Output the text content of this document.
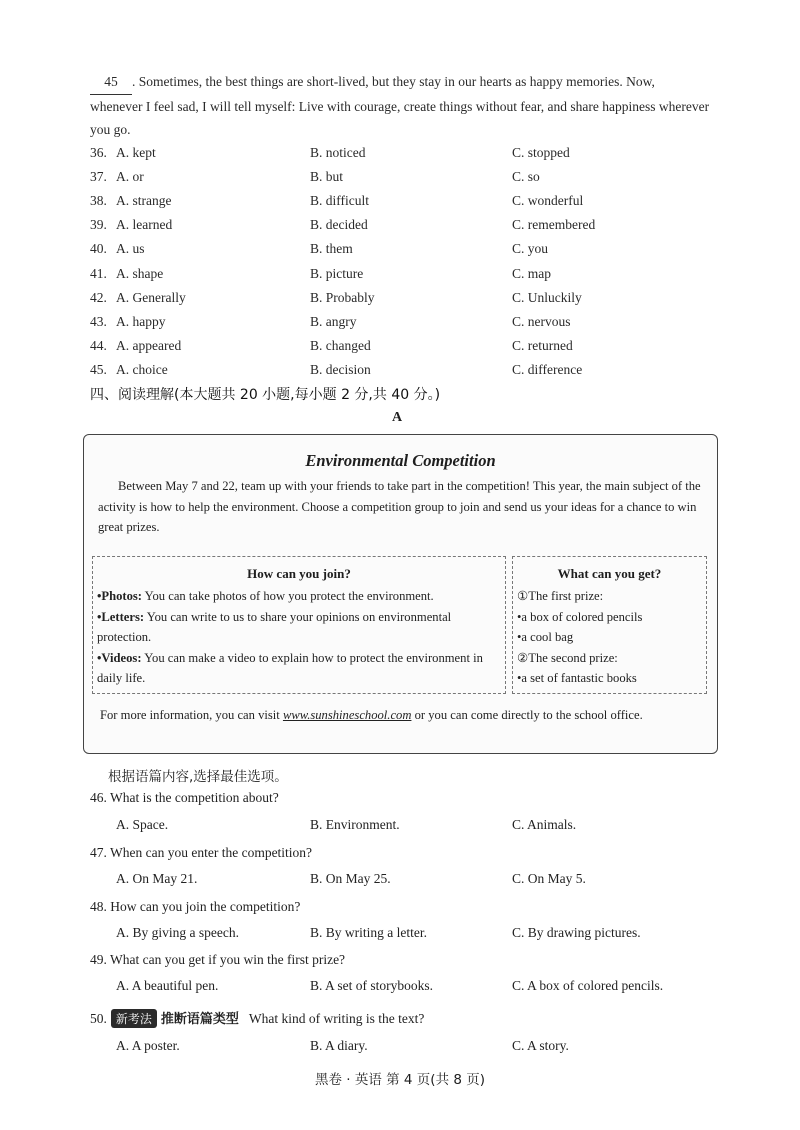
45 . Sometimes, the best things are short-lived, but they stay in our hearts as happy memories. Now, whenever I feel sad, I will tell myself: Live with courage, create things without fear, and share happiness wherever you go.
36. A. kept	B. noticed	C. stopped
37. A. or	B. but	C. so
38. A. strange	B. difficult	C. wonderful
39. A. learned	B. decided	C. remembered
40. A. us	B. them	C. you
41. A. shape	B. picture	C. map
42. A. Generally	B. Probably	C. Unluckily
43. A. happy	B. angry	C. nervous
44. A. appeared	B. changed	C. returned
45. A. choice	B. decision	C. difference
四、阅读理解(本大题共 20 小题,每小题 2 分,共 40 分。)
A
Environmental Competition
Between May 7 and 22, team up with your friends to take part in the competition! This year, the main subject of the activity is how to help the environment. Choose a competition group to join and send us your ideas for a chance to win great prizes.
How can you join?
•Photos: You can take photos of how you protect the environment.
•Letters: You can write to us to share your opinions on environmental protection.
•Videos: You can make a video to explain how to protect the environment in daily life.
What can you get?
①The first prize:
•a box of colored pencils
•a cool bag
②The second prize:
•a set of fantastic books
For more information, you can visit www.sunshineschool.com or you can come directly to the school office.
根据语篇内容,选择最佳选项。
46. What is the competition about?
A. Space.	B. Environment.	C. Animals.
47. When can you enter the competition?
A. On May 21.	B. On May 25.	C. On May 5.
48. How can you join the competition?
A. By giving a speech.	B. By writing a letter.	C. By drawing pictures.
49. What can you get if you win the first prize?
A. A beautiful pen.	B. A set of storybooks.	C. A box of colored pencils.
50. 新考法 推断语篇类型 What kind of writing is the text?
A. A poster.	B. A diary.	C. A story.
黑卷 · 英语 第 4 页(共 8 页)
